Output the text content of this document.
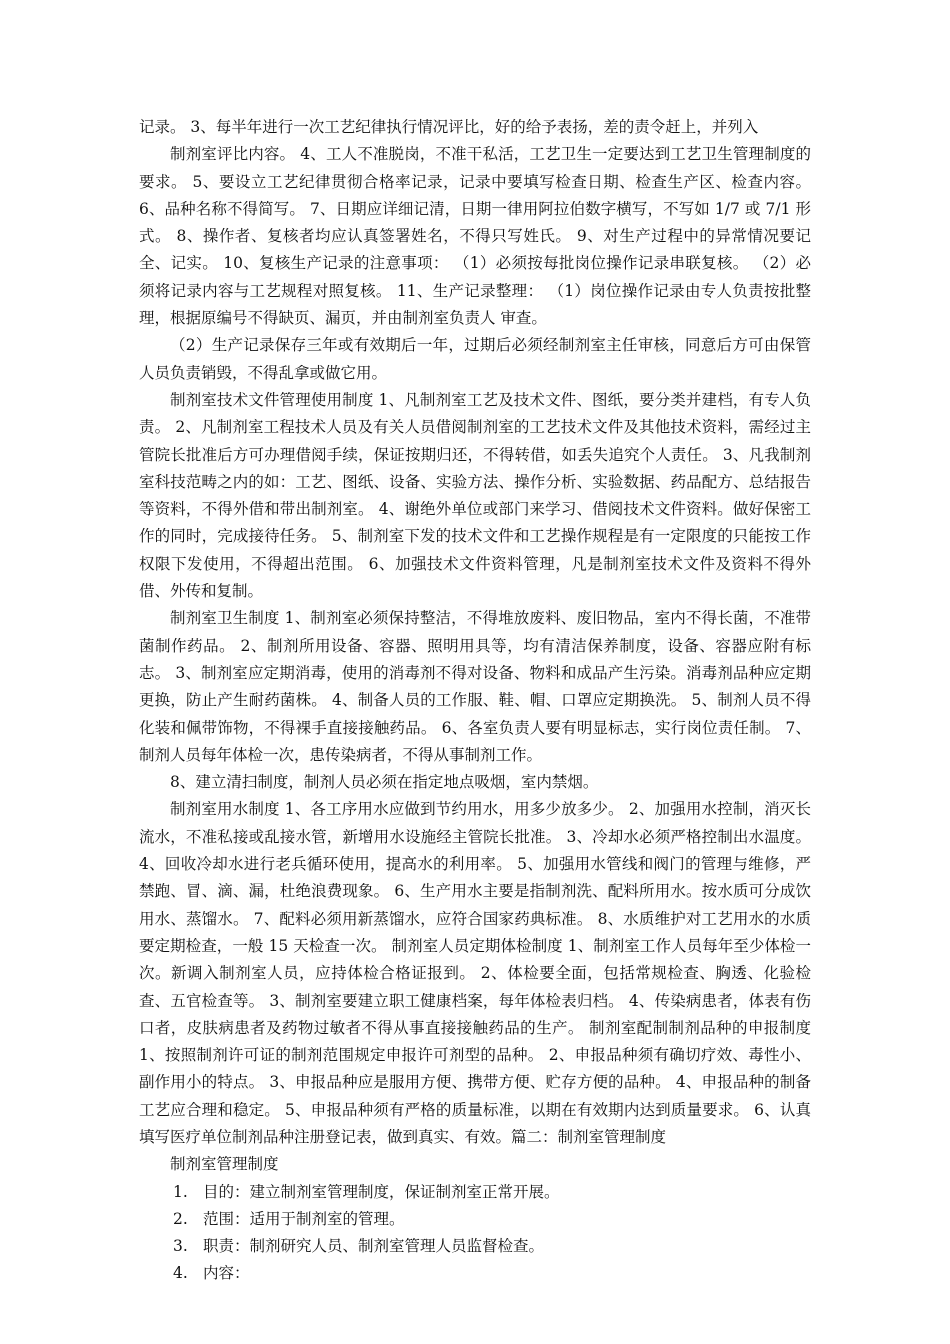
记录。 3、每半年进行一次工艺纪律执行情况评比，好的给予表扬，差的责令赶上，并列入

制剂室评比内容。 4、工人不准脱岗，不准干私活，工艺卫生一定要达到工艺卫生管理制度的要求。 5、要设立工艺纪律贯彻合格率记录，记录中要填写检查日期、检查生产区、检查内容。 6、品种名称不得简写。 7、日期应详细记清，日期一律用阿拉伯数字横写，不写如 1/7 或 7/1 形式。 8、操作者、复核者均应认真签署姓名，不得只写姓氏。 9、对生产过程中的异常情况要记全、记实。 10、复核生产记录的注意事项： （1）必须按每批岗位操作记录串联复核。 （2）必须将记录内容与工艺规程对照复核。 11、生产记录整理： （1）岗位操作记录由专人负责按批整理，根据原编号不得缺页、漏页，并由制剂室负责人 审查。

（2）生产记录保存三年或有效期后一年，过期后必须经制剂室主任审核，同意后方可由保管人员负责销毁，不得乱拿或做它用。

制剂室技术文件管理使用制度 1、凡制剂室工艺及技术文件、图纸，要分类并建档，有专人负责。 2、凡制剂室工程技术人员及有关人员借阅制剂室的工艺技术文件及其他技术资料，需经过主管院长批准后方可办理借阅手续，保证按期归还，不得转借，如丢失追究个人责任。 3、凡我制剂室科技范畴之内的如：工艺、图纸、设备、实验方法、操作分析、实验数据、药品配方、总结报告等资料，不得外借和带出制剂室。 4、谢绝外单位或部门来学习、借阅技术文件资料。做好保密工作的同时，完成接待任务。 5、制剂室下发的技术文件和工艺操作规程是有一定限度的只能按工作权限下发使用，不得超出范围。 6、加强技术文件资料管理，凡是制剂室技术文件及资料不得外借、外传和复制。

制剂室卫生制度 1、制剂室必须保持整洁，不得堆放废料、废旧物品，室内不得长菌，不准带菌制作药品。 2、制剂所用设备、容器、照明用具等，均有清洁保养制度，设备、容器应附有标志。 3、制剂室应定期消毒，使用的消毒剂不得对设备、物料和成品产生污染。消毒剂品种应定期更换，防止产生耐药菌株。 4、制备人员的工作服、鞋、帽、口罩应定期换洗。 5、制剂人员不得化装和佩带饰物，不得裸手直接接触药品。 6、各室负责人要有明显标志，实行岗位责任制。 7、制剂人员每年体检一次，患传染病者，不得从事制剂工作。

8、建立清扫制度，制剂人员必须在指定地点吸烟，室内禁烟。

制剂室用水制度 1、各工序用水应做到节约用水，用多少放多少。 2、加强用水控制，消灭长流水，不准私接或乱接水管，新增用水设施经主管院长批准。 3、冷却水必须严格控制出水温度。 4、回收冷却水进行老兵循环使用，提高水的利用率。 5、加强用水管线和阀门的管理与维修，严禁跑、冒、滴、漏，杜绝浪费现象。 6、生产用水主要是指制剂洗、配料所用水。按水质可分成饮用水、蒸馏水。 7、配料必须用新蒸馏水，应符合国家药典标准。 8、水质维护对工艺用水的水质要定期检查，一般 15 天检查一次。 制剂室人员定期体检制度 1、制剂室工作人员每年至少体检一次。新调入制剂室人员，应持体检合格证报到。 2、体检要全面，包括常规检查、胸透、化验检查、五官检查等。 3、制剂室要建立职工健康档案，每年体检表归档。 4、传染病患者，体表有伤口者，皮肤病患者及药物过敏者不得从事直接接触药品的生产。 制剂室配制制剂品种的申报制度 1、按照制剂许可证的制剂范围规定申报许可剂型的品种。 2、申报品种须有确切疗效、毒性小、副作用小的特点。 3、申报品种应是服用方便、携带方便、贮存方便的品种。 4、申报品种的制备工艺应合理和稳定。 5、申报品种须有严格的质量标准，以期在有效期内达到质量要求。 6、认真填写医疗单位制剂品种注册登记表，做到真实、有效。篇二：制剂室管理制度

制剂室管理制度

1. 目的：建立制剂室管理制度，保证制剂室正常开展。

2. 范围：适用于制剂室的管理。

3. 职责：制剂研究人员、制剂室管理人员监督检查。

4. 内容：
